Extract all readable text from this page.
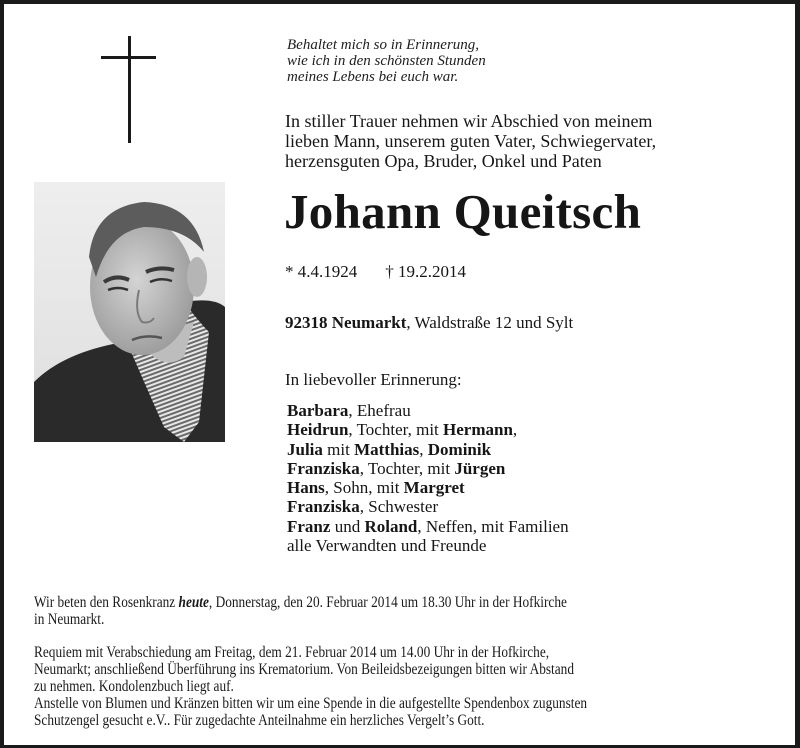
Behaltet mich so in Erinnerung,
wie ich in den schönsten Stunden
meines Lebens bei euch war.
In stiller Trauer nehmen wir Abschied von meinem
lieben Mann, unserem guten Vater, Schwiegervater,
herzensguten Opa, Bruder, Onkel und Paten
Johann Queitsch
* 4.4.1924 † 19.2.2014
92318 Neumarkt, Waldstraße 12 und Sylt
In liebevoller Erinnerung:
Barbara, Ehefrau
Heidrun, Tochter, mit Hermann,
Julia mit Matthias, Dominik
Franziska, Tochter, mit Jürgen
Hans, Sohn, mit Margret
Franziska, Schwester
Franz und Roland, Neffen, mit Familien
alle Verwandten und Freunde

Wir beten den Rosenkranz heute, Donnerstag, den 20. Februar 2014 um 18.30 Uhr in der Hofkirche
in Neumarkt.

Requiem mit Verabschiedung am Freitag, dem 21. Februar 2014 um 14.00 Uhr in der Hofkirche,
Neumarkt; anschließend Überführung ins Krematorium. Von Beileidsbezeigungen bitten wir Abstand
zu nehmen. Kondolenzbuch liegt auf.
Anstelle von Blumen und Kränzen bitten wir um eine Spende in die aufgestellte Spendenbox zugunsten
Schutzengel gesucht e.V.. Für zugedachte Anteilnahme ein herzliches Vergelt’s Gott.
